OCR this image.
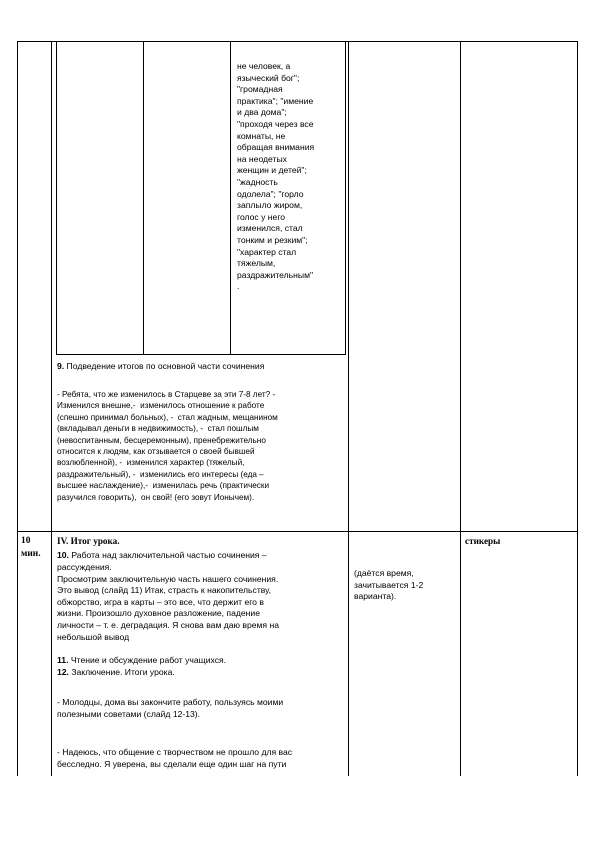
не человек, а
языческий бог";
"громадная
практика"; "имение
и два дома";
"проходя через все
комнаты, не
обращая внимания
на неодетых
женщин и детей";
"жадность
одолела"; "горло
заплыло жиром,
голос у него
изменился, стал
тонким и резким";
"характер стал
тяжелым,
раздражительным"
.
9. Подведение итогов по основной части сочинения
- Ребята, что же изменилось в Старцеве за эти 7-8 лет? -
Изменился внешне,-  изменилось отношение к работе
(спешно принимал больных), -  стал жадным, мещанином
(вкладывал деньги в недвижимость), -  стал пошлым
(невоспитанным, бесцеремонным), пренебрежительно
относится к людям, как отзывается о своей бывшей
возлюбленной), -  изменился характер (тяжелый,
раздражительный), -  изменились его интересы (еда –
высшее наслаждение),-  изменилась речь (практически
разучился говорить),  он свой! (его зовут Ионычем).
10
мин.
IV. Итог урока.
10. Работа над заключительной частью сочинения –
рассуждения.
Просмотрим заключительную часть нашего сочинения.
Это вывод (слайд 11) Итак, страсть к накопительству,
обжорство, игра в карты – это все, что держит его в
жизни. Произошло духовное разложение, падение
личности – т. е. деградация. Я снова вам даю время на
небольшой вывод
11. Чтение и обсуждение работ учащихся.
12. Заключение. Итоги урока.
- Молодцы, дома вы закончите работу, пользуясь моими
полезными советами (слайд 12-13).
- Надеюсь, что общение с творчеством не прошло для вас
бесследно. Я уверена, вы сделали еще один шаг на пути
(даётся время,
зачитывается 1-2
варианта).
стикеры
